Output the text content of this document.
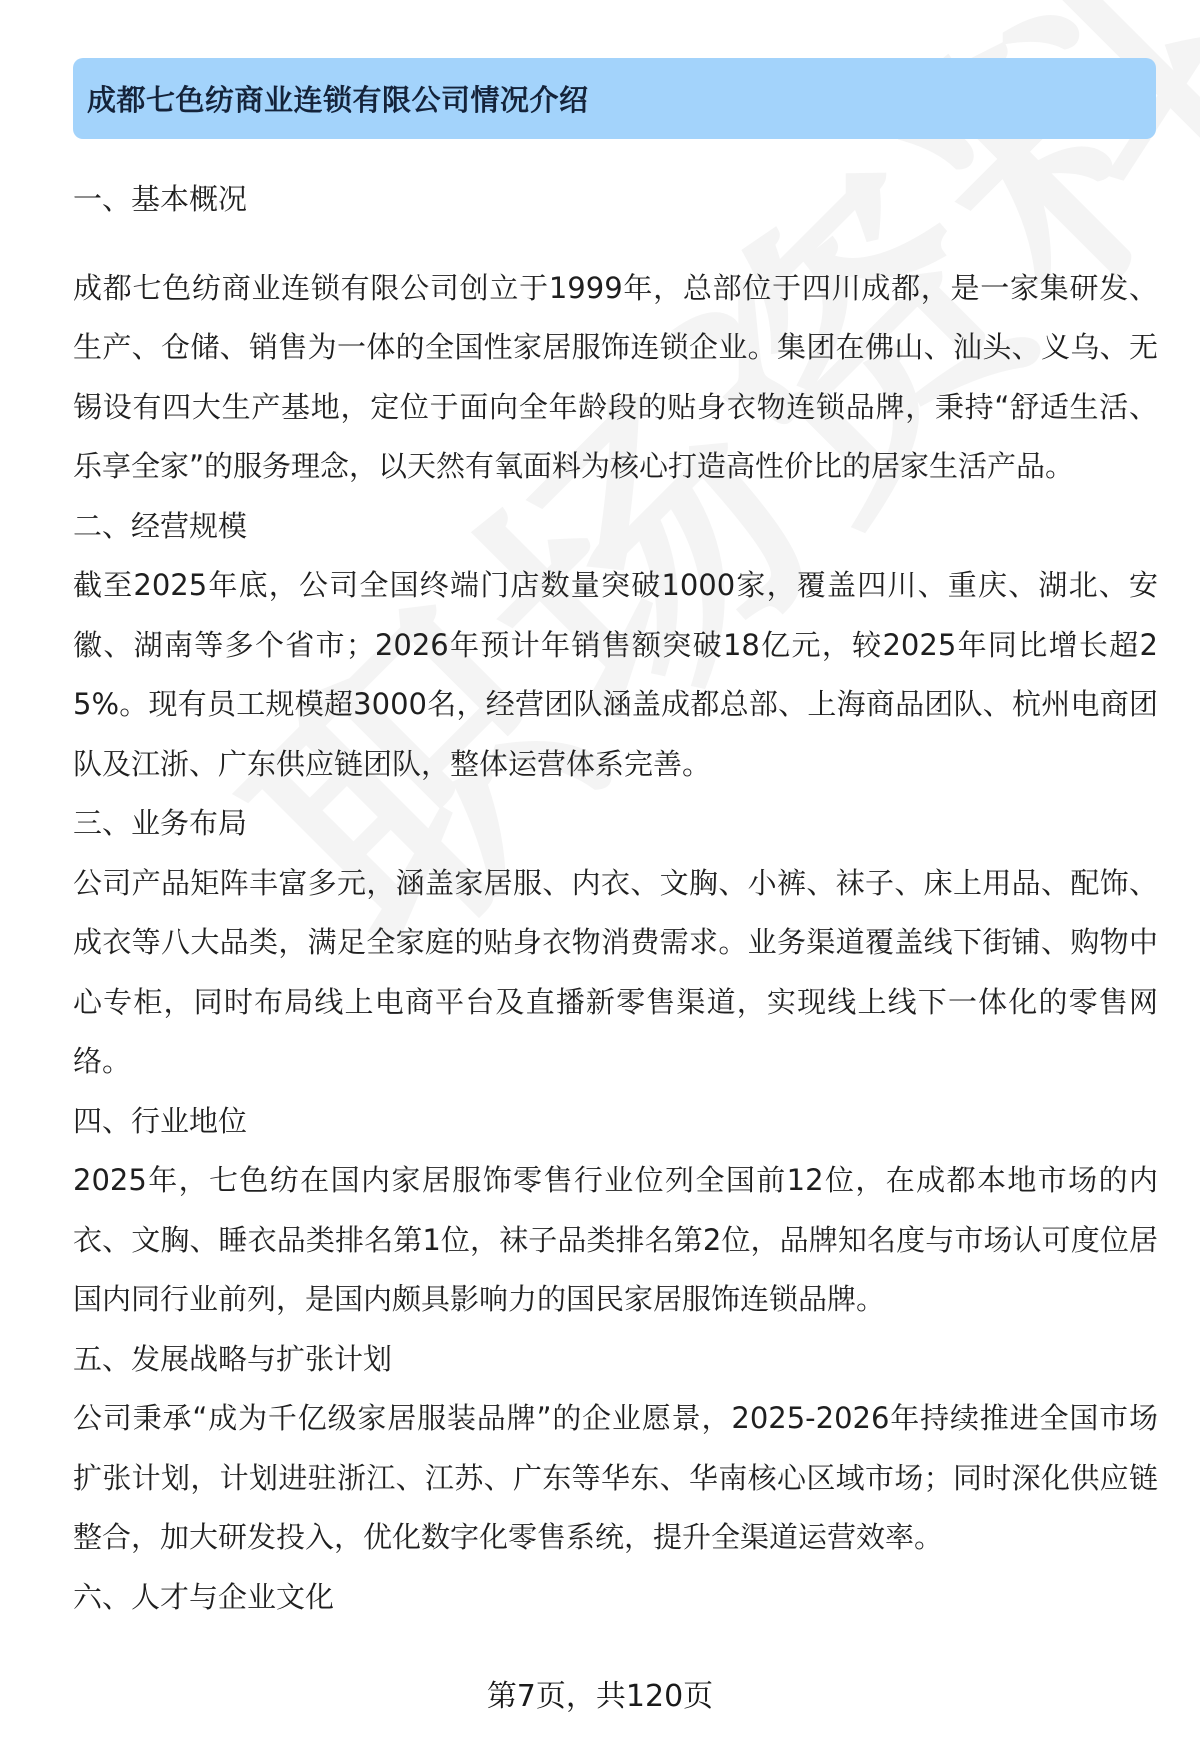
成都七色纺商业连锁有限公司情况介绍

一、基本概况

成都七色纺商业连锁有限公司创立于1999年，总部位于四川成都，是一家集研发、生产、仓储、销售为一体的全国性家居服饰连锁企业。集团在佛山、汕头、义乌、无锡设有四大生产基地，定位于面向全年龄段的贴身衣物连锁品牌，秉持“舒适生活、乐享全家”的服务理念，以天然有氧面料为核心打造高性价比的居家生活产品。

二、经营规模

截至2025年底，公司全国终端门店数量突破1000家，覆盖四川、重庆、湖北、安徽、湖南等多个省市；2026年预计年销售额突破18亿元，较2025年同比增长超25%。现有员工规模超3000名，经营团队涵盖成都总部、上海商品团队、杭州电商团队及江浙、广东供应链团队，整体运营体系完善。

三、业务布局

公司产品矩阵丰富多元，涵盖家居服、内衣、文胸、小裤、袜子、床上用品、配饰、成衣等八大品类，满足全家庭的贴身衣物消费需求。业务渠道覆盖线下街铺、购物中心专柜，同时布局线上电商平台及直播新零售渠道，实现线上线下一体化的零售网络。

四、行业地位

2025年，七色纺在国内家居服饰零售行业位列全国前12位，在成都本地市场的内衣、文胸、睡衣品类排名第1位，袜子品类排名第2位，品牌知名度与市场认可度位居国内同行业前列，是国内颇具影响力的国民家居服饰连锁品牌。

五、发展战略与扩张计划

公司秉承“成为千亿级家居服装品牌”的企业愿景，2025-2026年持续推进全国市场扩张计划，计划进驻浙江、江苏、广东等华东、华南核心区域市场；同时深化供应链整合，加大研发投入，优化数字化零售系统，提升全渠道运营效率。

六、人才与企业文化

第7页，共120页
